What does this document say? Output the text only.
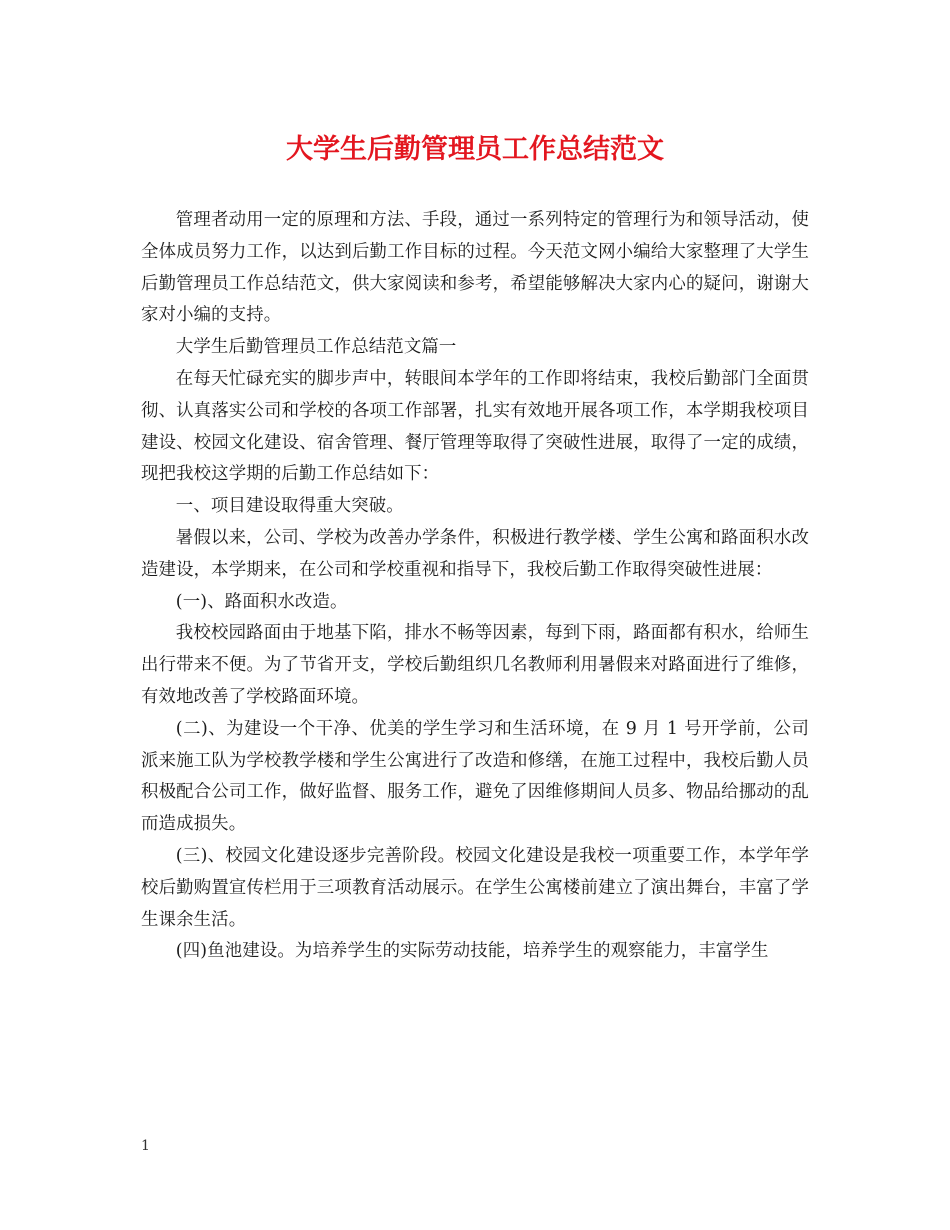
大学生后勤管理员工作总结范文

管理者动用一定的原理和方法、手段，通过一系列特定的管理行为和领导活动，使全体成员努力工作，以达到后勤工作目标的过程。今天范文网小编给大家整理了大学生后勤管理员工作总结范文，供大家阅读和参考，希望能够解决大家内心的疑问，谢谢大家对小编的支持。

大学生后勤管理员工作总结范文篇一

在每天忙碌充实的脚步声中，转眼间本学年的工作即将结束，我校后勤部门全面贯彻、认真落实公司和学校的各项工作部署，扎实有效地开展各项工作，本学期我校项目建设、校园文化建设、宿舍管理、餐厅管理等取得了突破性进展，取得了一定的成绩，现把我校这学期的后勤工作总结如下：

一、项目建设取得重大突破。

暑假以来，公司、学校为改善办学条件，积极进行教学楼、学生公寓和路面积水改造建设，本学期来，在公司和学校重视和指导下，我校后勤工作取得突破性进展：

(一)、路面积水改造。

我校校园路面由于地基下陷，排水不畅等因素，每到下雨，路面都有积水，给师生出行带来不便。为了节省开支，学校后勤组织几名教师利用暑假来对路面进行了维修，有效地改善了学校路面环境。

(二)、为建设一个干净、优美的学生学习和生活环境，在 9 月 1 号开学前，公司派来施工队为学校教学楼和学生公寓进行了改造和修缮，在施工过程中，我校后勤人员积极配合公司工作，做好监督、服务工作，避免了因维修期间人员多、物品给挪动的乱而造成损失。

(三)、校园文化建设逐步完善阶段。校园文化建设是我校一项重要工作，本学年学校后勤购置宣传栏用于三项教育活动展示。在学生公寓楼前建立了演出舞台，丰富了学生课余生活。

(四)鱼池建设。为培养学生的实际劳动技能，培养学生的观察能力，丰富学生

1
